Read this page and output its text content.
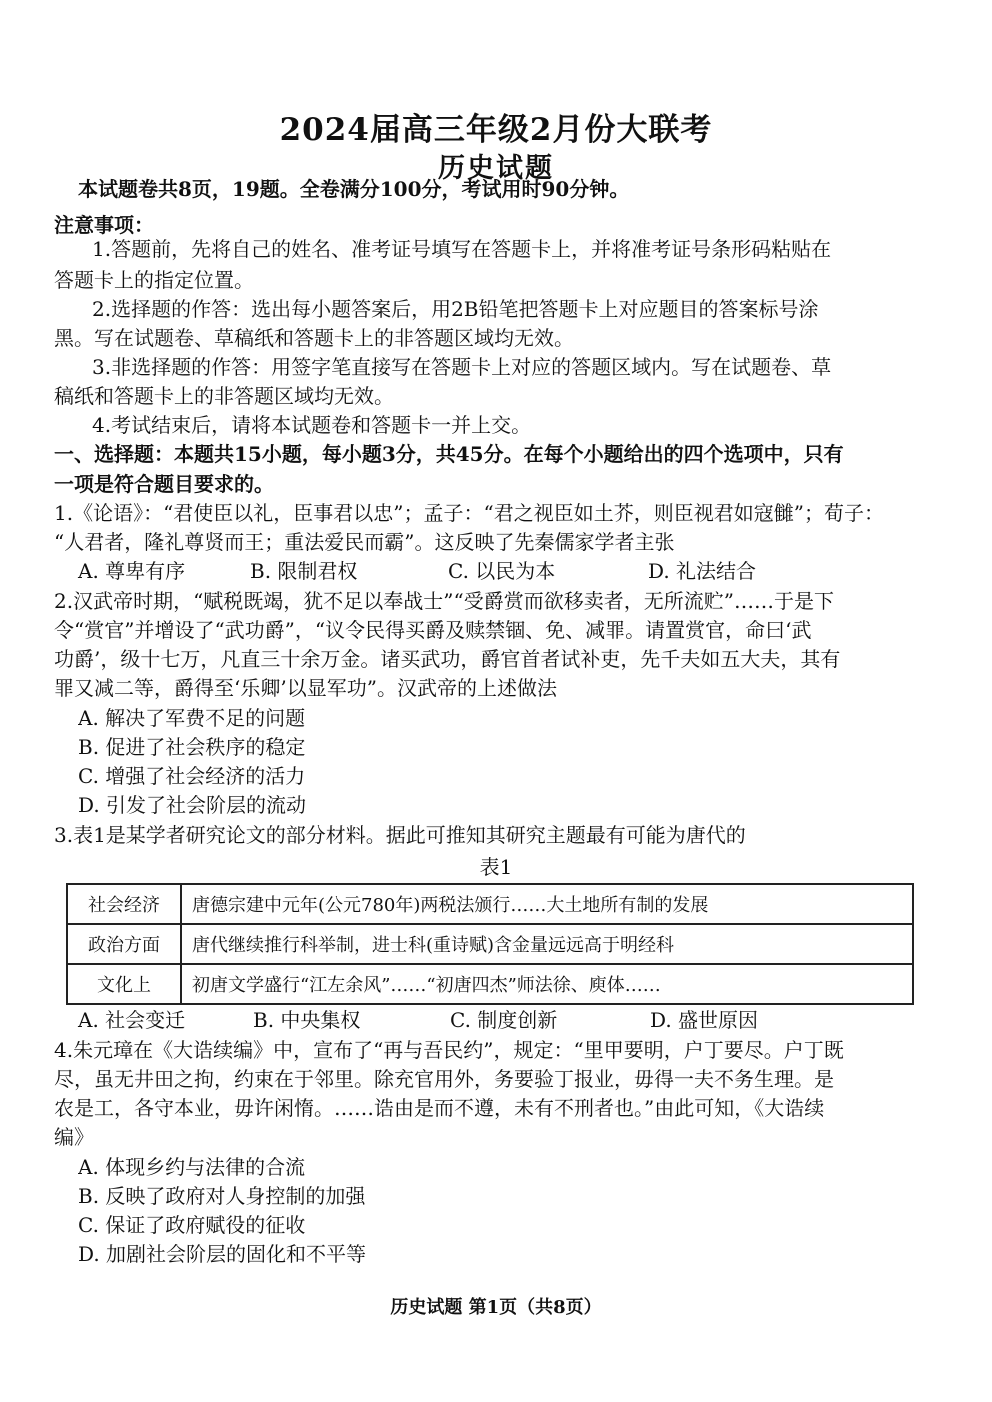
2024届高三年级2月份大联考
历史试题
本试题卷共8页，19题。全卷满分100分，考试用时90分钟。
注意事项：
1.答题前，先将自己的姓名、准考证号填写在答题卡上，并将准考证号条形码粘贴在
答题卡上的指定位置。
2.选择题的作答：选出每小题答案后，用2B铅笔把答题卡上对应题目的答案标号涂
黑。写在试题卷、草稿纸和答题卡上的非答题区域均无效。
3.非选择题的作答：用签字笔直接写在答题卡上对应的答题区域内。写在试题卷、草
稿纸和答题卡上的非答题区域均无效。
4.考试结束后，请将本试题卷和答题卡一并上交。
一、选择题：本题共15小题，每小题3分，共45分。在每个小题给出的四个选项中，只有
一项是符合题目要求的。
1.《论语》：“君使臣以礼，臣事君以忠”；孟子：“君之视臣如土芥，则臣视君如寇雠”；荀子：
“人君者，隆礼尊贤而王；重法爱民而霸”。这反映了先秦儒家学者主张
A. 尊卑有序	B. 限制君权	C. 以民为本	D. 礼法结合
2.汉武帝时期，“赋税既竭，犹不足以奉战士”“受爵赏而欲移卖者，无所流贮”……于是下
令“赏官”并增设了“武功爵”，“议令民得买爵及赎禁锢、免、减罪。请置赏官，命曰‘武
功爵’，级十七万，凡直三十余万金。诸买武功，爵官首者试补吏，先千夫如五大夫，其有
罪又减二等，爵得至‘乐卿’以显军功”。汉武帝的上述做法
A. 解决了军费不足的问题
B. 促进了社会秩序的稳定
C. 增强了社会经济的活力
D. 引发了社会阶层的流动
3.表1是某学者研究论文的部分材料。据此可推知其研究主题最有可能为唐代的
表1
社会经济	唐德宗建中元年(公元780年)两税法颁行……大土地所有制的发展
政治方面	唐代继续推行科举制，进士科(重诗赋)含金量远远高于明经科
文化上	初唐文学盛行“江左余风”……“初唐四杰”师法徐、庾体……
A. 社会变迁	B. 中央集权	C. 制度创新	D. 盛世原因
4.朱元璋在《大诰续编》中，宣布了“再与吾民约”，规定：“里甲要明，户丁要尽。户丁既
尽，虽无井田之拘，约束在于邻里。除充官用外，务要验丁报业，毋得一夫不务生理。是
农是工，各守本业，毋许闲惰。……诰由是而不遵，未有不刑者也。”由此可知，《大诰续
编》
A. 体现乡约与法律的合流
B. 反映了政府对人身控制的加强
C. 保证了政府赋役的征收
D. 加剧社会阶层的固化和不平等
历史试题 第1页（共8页）
